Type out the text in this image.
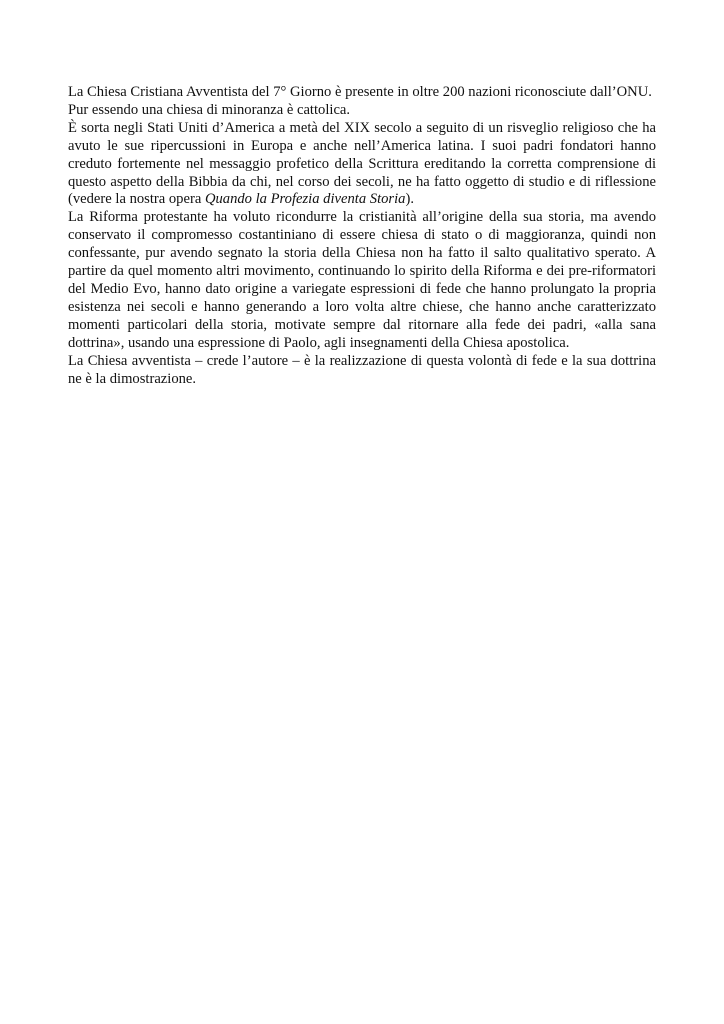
La Chiesa Cristiana Avventista del 7° Giorno è presente in oltre 200 nazioni riconosciute dall’ONU.
Pur essendo una chiesa di minoranza è cattolica.

È sorta negli Stati Uniti d’America a metà del XIX secolo a seguito di un risveglio religioso che ha avuto le sue ripercussioni in Europa e anche nell’America latina. I suoi padri fondatori hanno creduto fortemente nel messaggio profetico della Scrittura ereditando la corretta comprensione di questo aspetto della Bibbia da chi, nel corso dei secoli, ne ha fatto oggetto di studio e di riflessione (vedere la nostra opera Quando la Profezia diventa Storia).

La Riforma protestante ha voluto ricondurre la cristianità all’origine della sua storia, ma avendo conservato il compromesso costantiniano di essere chiesa di stato o di maggioranza, quindi non confessante, pur avendo segnato la storia della Chiesa non ha fatto il salto qualitativo sperato. A partire da quel momento altri movimento, continuando lo spirito della Riforma e dei pre-riformatori del Medio Evo, hanno dato origine a variegate espressioni di fede che hanno prolungato la propria esistenza nei secoli e hanno generando a loro volta altre chiese, che hanno anche caratterizzato momenti particolari della storia, motivate sempre dal ritornare alla fede dei padri, «alla sana dottrina», usando una espressione di Paolo, agli insegnamenti della Chiesa apostolica.

La Chiesa avventista – crede l’autore – è la realizzazione di questa volontà di fede e la sua dottrina ne è la dimostrazione.
